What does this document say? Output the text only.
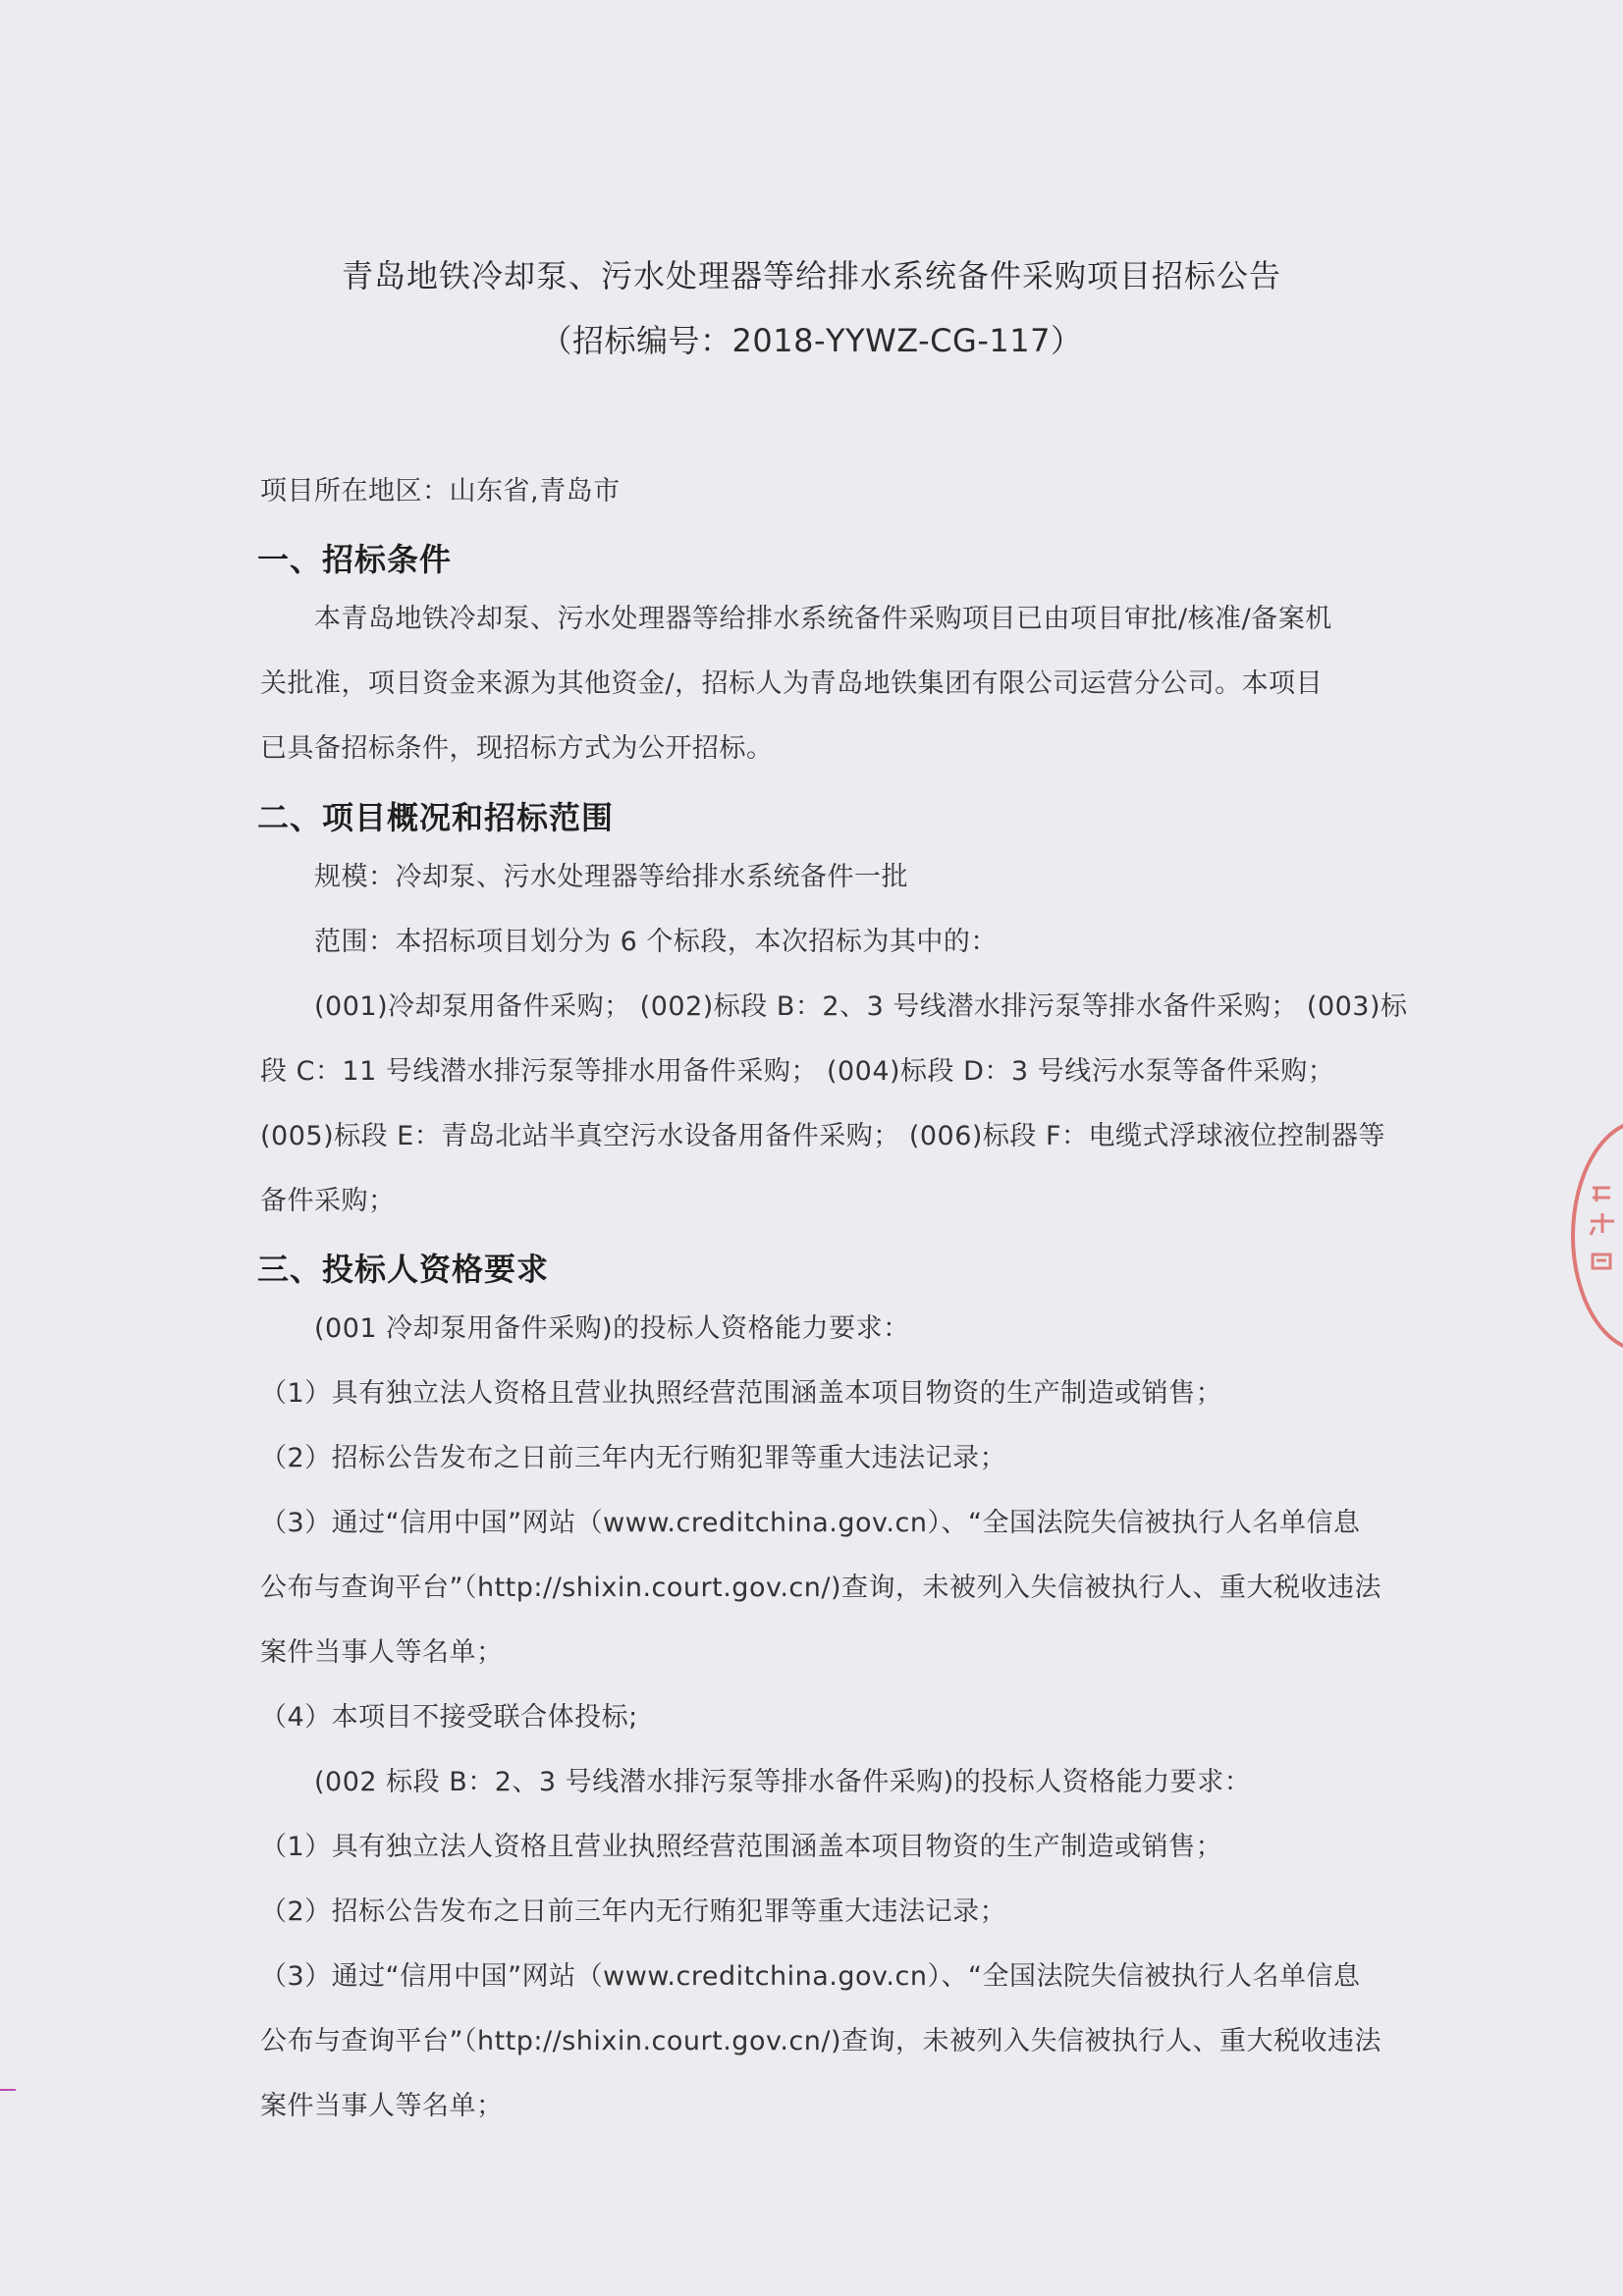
青岛地铁冷却泵、污水处理器等给排水系统备件采购项目招标公告
（招标编号：2018-YYWZ-CG-117）
项目所在地区：山东省,青岛市
一、招标条件
本青岛地铁冷却泵、污水处理器等给排水系统备件采购项目已由项目审批/核准/备案机
关批准，项目资金来源为其他资金/，招标人为青岛地铁集团有限公司运营分公司。本项目
已具备招标条件，现招标方式为公开招标。
二、项目概况和招标范围
规模：冷却泵、污水处理器等给排水系统备件一批
范围：本招标项目划分为 6 个标段，本次招标为其中的：
(001)冷却泵用备件采购； (002)标段 B：2、3 号线潜水排污泵等排水备件采购； (003)标
段 C：11 号线潜水排污泵等排水用备件采购； (004)标段 D：3 号线污水泵等备件采购；
(005)标段 E：青岛北站半真空污水设备用备件采购； (006)标段 F：电缆式浮球液位控制器等
备件采购；
三、投标人资格要求
(001 冷却泵用备件采购)的投标人资格能力要求：
（1）具有独立法人资格且营业执照经营范围涵盖本项目物资的生产制造或销售；
（2）招标公告发布之日前三年内无行贿犯罪等重大违法记录；
（3）通过“信用中国”网站（www.creditchina.gov.cn）、“全国法院失信被执行人名单信息
公布与查询平台”（http://shixin.court.gov.cn/)查询，未被列入失信被执行人、重大税收违法
案件当事人等名单；
（4）本项目不接受联合体投标;
(002 标段 B：2、3 号线潜水排污泵等排水备件采购)的投标人资格能力要求：
（1）具有独立法人资格且营业执照经营范围涵盖本项目物资的生产制造或销售；
（2）招标公告发布之日前三年内无行贿犯罪等重大违法记录；
（3）通过“信用中国”网站（www.creditchina.gov.cn）、“全国法院失信被执行人名单信息
公布与查询平台”（http://shixin.court.gov.cn/)查询，未被列入失信被执行人、重大税收违法
案件当事人等名单；
